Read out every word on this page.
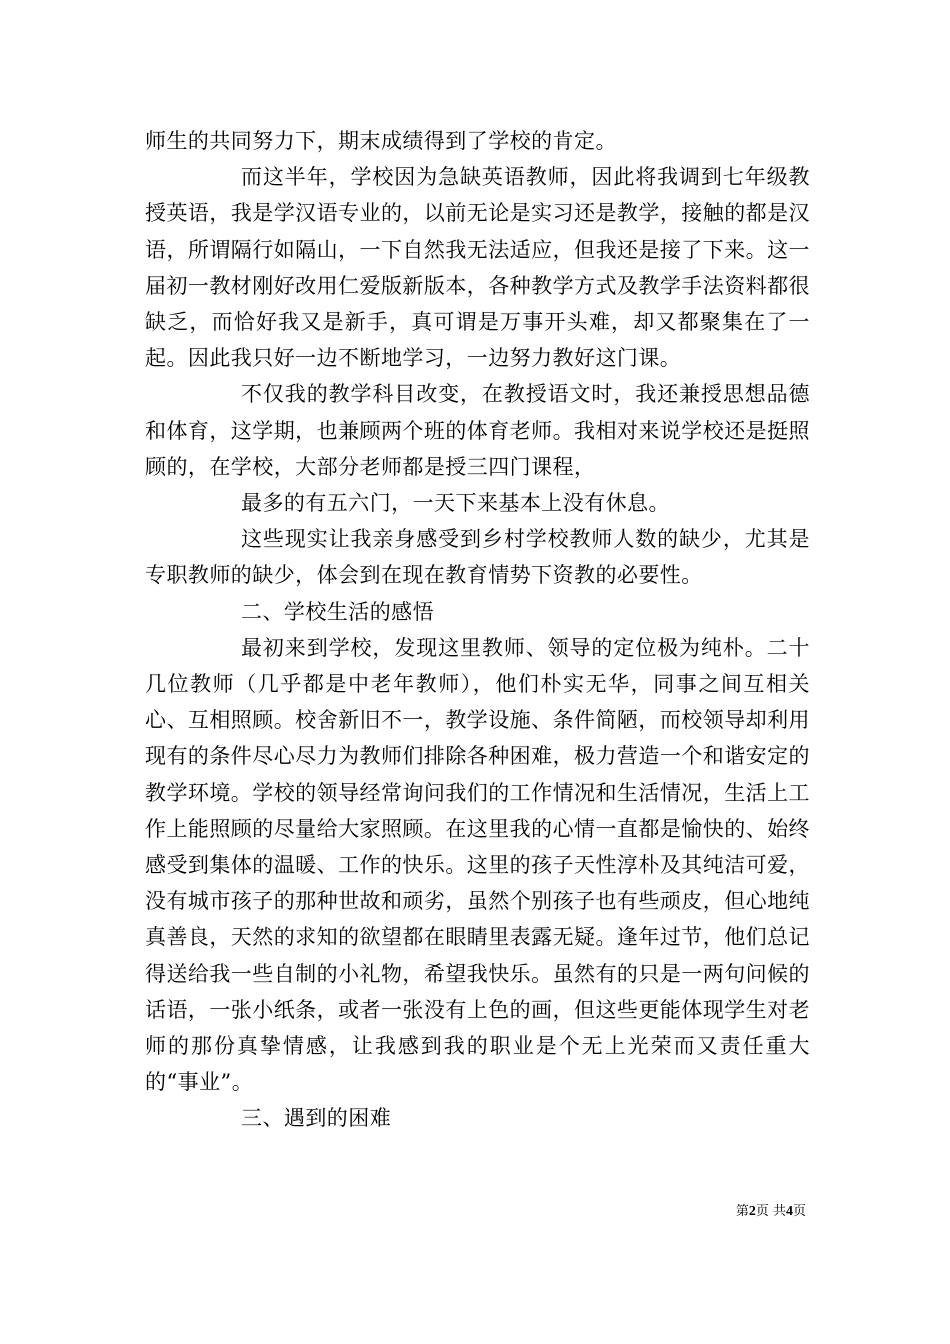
师生的共同努力下，期末成绩得到了学校的肯定。

而这半年，学校因为急缺英语教师，因此将我调到七年级教授英语，我是学汉语专业的，以前无论是实习还是教学，接触的都是汉语，所谓隔行如隔山，一下自然我无法适应，但我还是接了下来。这一届初一教材刚好改用仁爱版新版本，各种教学方式及教学手法资料都很缺乏，而恰好我又是新手，真可谓是万事开头难，却又都聚集在了一起。因此我只好一边不断地学习，一边努力教好这门课。

不仅我的教学科目改变，在教授语文时，我还兼授思想品德和体育，这学期，也兼顾两个班的体育老师。我相对来说学校还是挺照顾的，在学校，大部分老师都是授三四门课程，

最多的有五六门，一天下来基本上没有休息。

这些现实让我亲身感受到乡村学校教师人数的缺少，尤其是专职教师的缺少，体会到在现在教育情势下资教的必要性。

二、学校生活的感悟

最初来到学校，发现这里教师、领导的定位极为纯朴。二十几位教师（几乎都是中老年教师），他们朴实无华，同事之间互相关心、互相照顾。校舍新旧不一，教学设施、条件简陋，而校领导却利用现有的条件尽心尽力为教师们排除各种困难，极力营造一个和谐安定的教学环境。学校的领导经常询问我们的工作情况和生活情况，生活上工作上能照顾的尽量给大家照顾。在这里我的心情一直都是愉快的、始终感受到集体的温暖、工作的快乐。这里的孩子天性淳朴及其纯洁可爱，没有城市孩子的那种世故和顽劣，虽然个别孩子也有些顽皮，但心地纯真善良，天然的求知的欲望都在眼睛里表露无疑。逢年过节，他们总记得送给我一些自制的小礼物，希望我快乐。虽然有的只是一两句问候的话语，一张小纸条，或者一张没有上色的画，但这些更能体现学生对老师的那份真挚情感，让我感到我的职业是个无上光荣而又责任重大的“事业”。

三、遇到的困难

第2页 共4页
